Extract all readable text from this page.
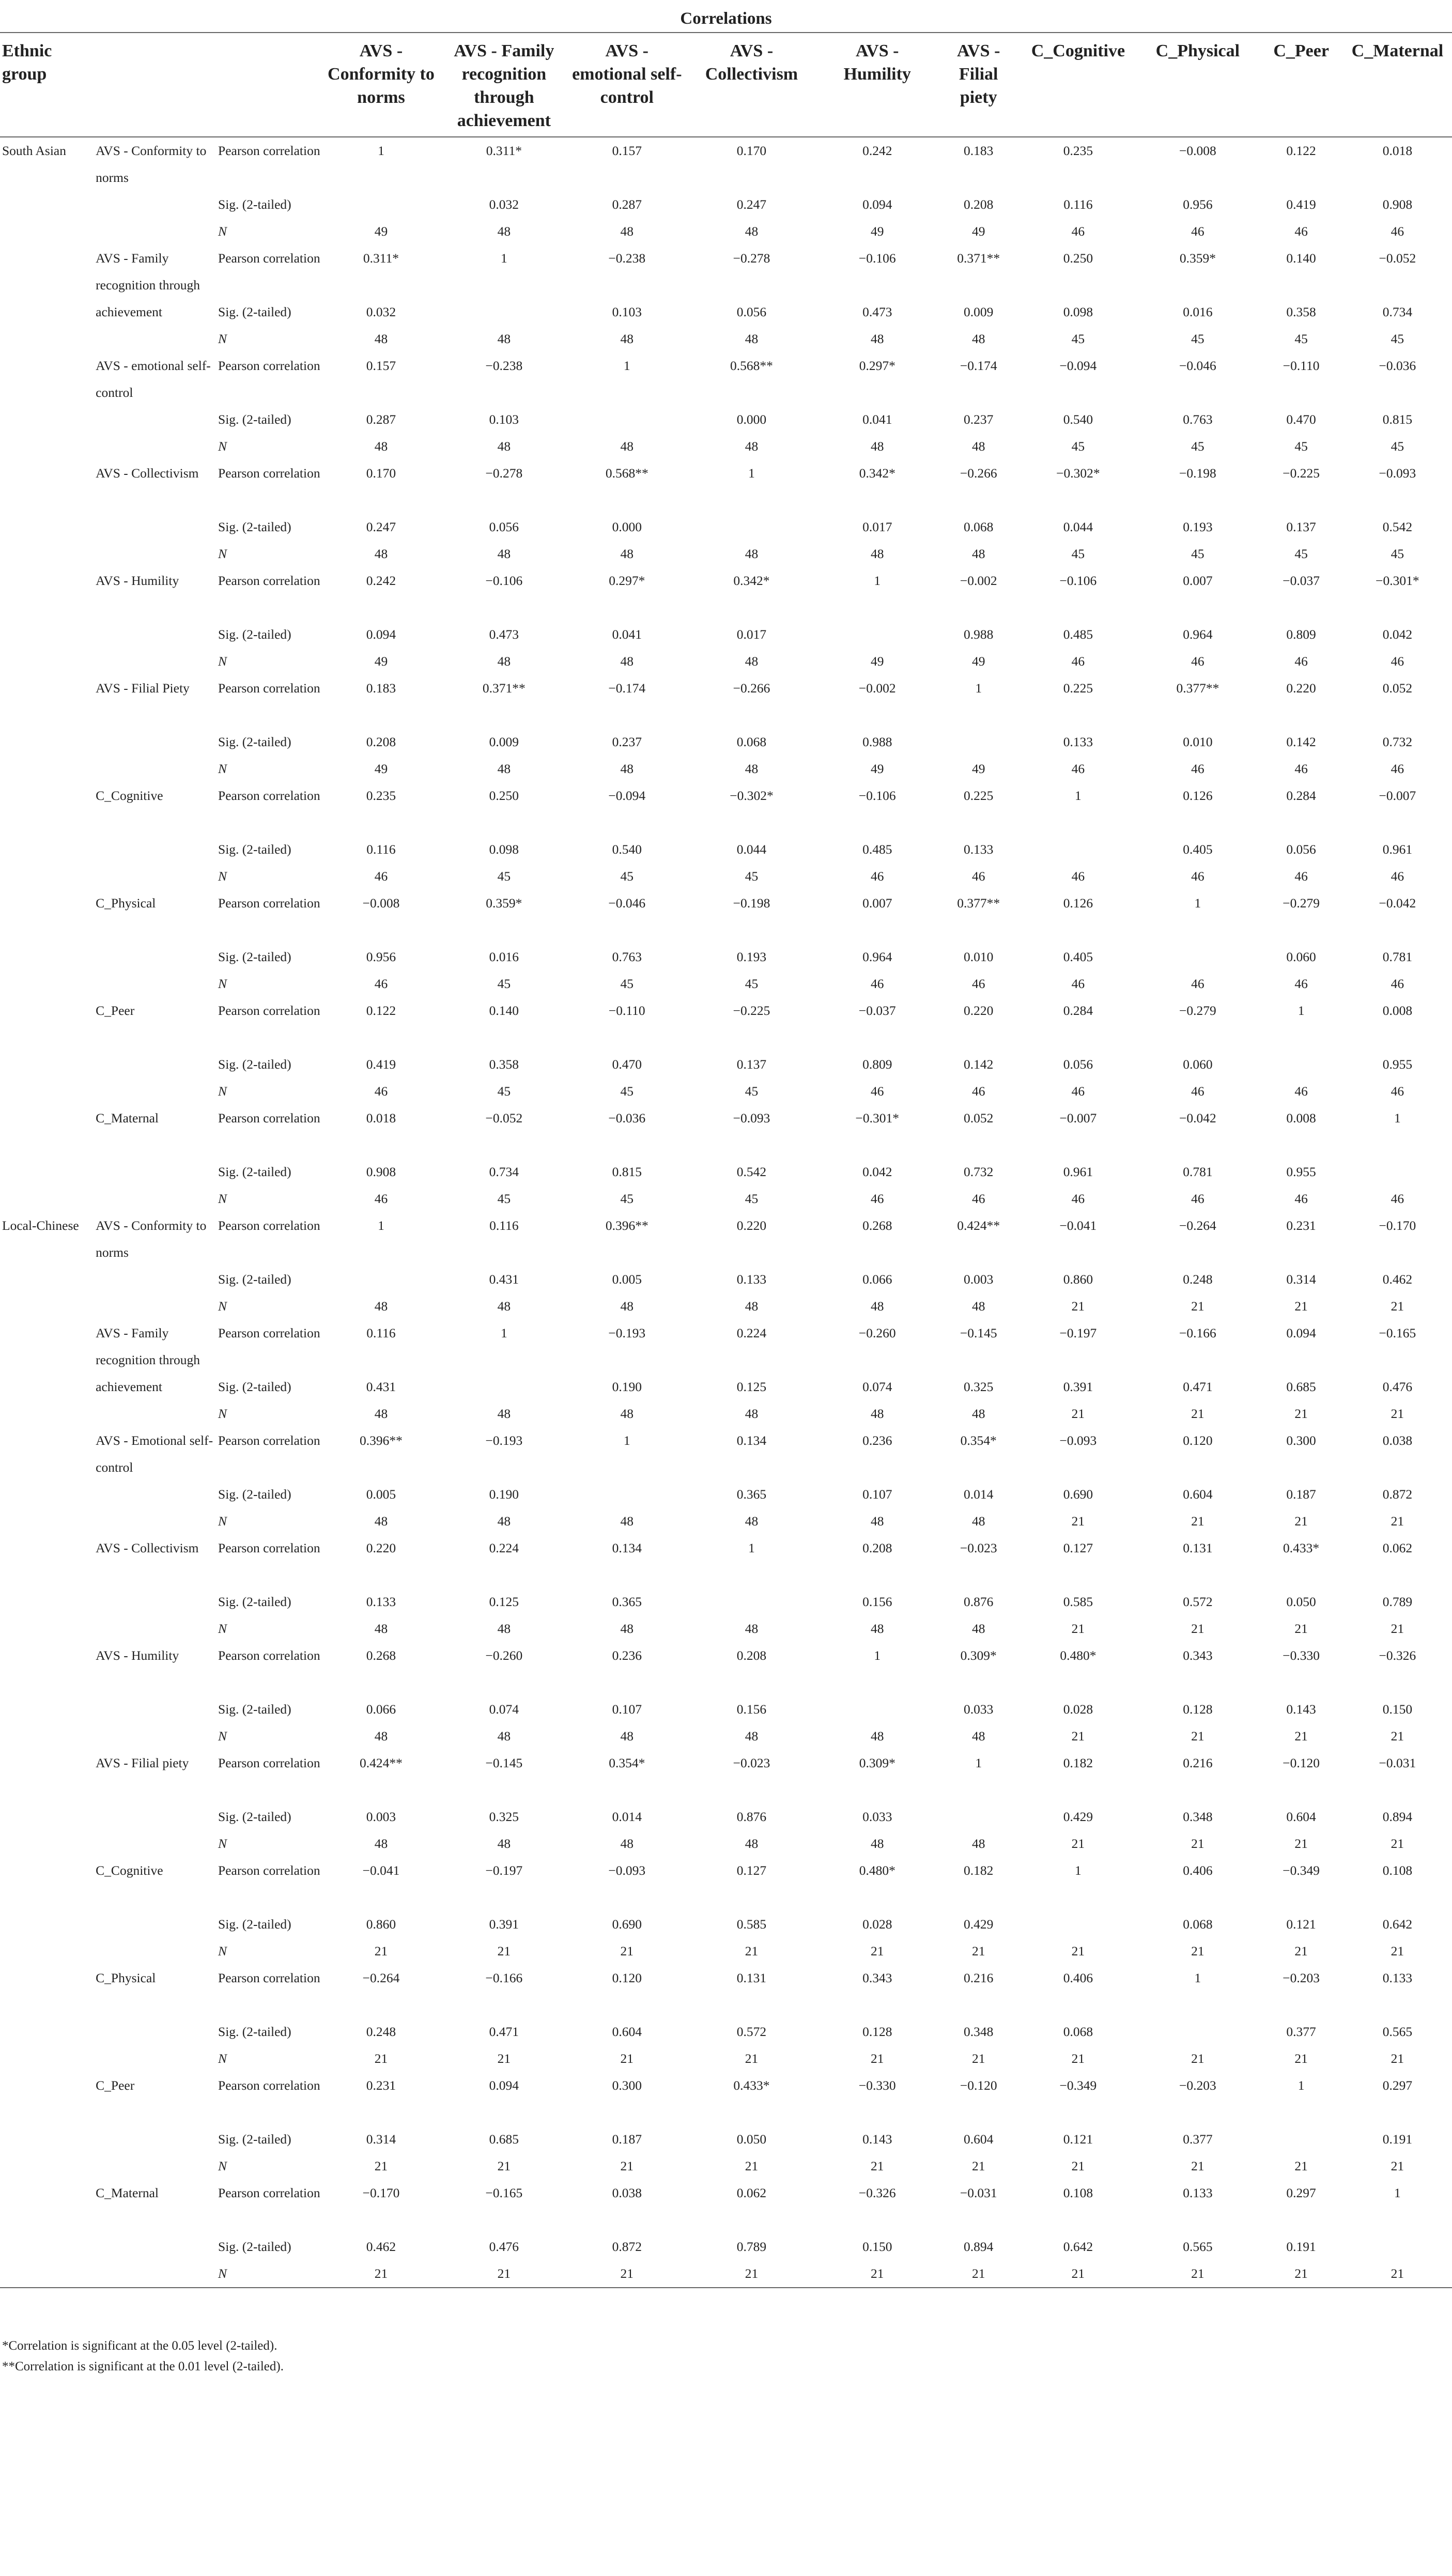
Correlations
Ethnic group			AVS - Conformity to norms	AVS - Family recognition through achievement	AVS - emotional self-control	AVS - Collectivism	AVS - Humility	AVS - Filial piety	C_Cognitive	C_Physical	C_Peer	C_Maternal
South Asian	AVS - Conformity to norms	Pearson correlation	1	0.311*	0.157	0.170	0.242	0.183	0.235	−0.008	0.122	0.018
		Sig. (2-tailed)		0.032	0.287	0.247	0.094	0.208	0.116	0.956	0.419	0.908
		N	49	48	48	48	49	49	46	46	46	46
	AVS - Family recognition through achievement	Pearson correlation	0.311*	1	−0.238	−0.278	−0.106	0.371**	0.250	0.359*	0.140	−0.052
		Sig. (2-tailed)	0.032		0.103	0.056	0.473	0.009	0.098	0.016	0.358	0.734
		N	48	48	48	48	48	48	45	45	45	45
	AVS - emotional self-control	Pearson correlation	0.157	−0.238	1	0.568**	0.297*	−0.174	−0.094	−0.046	−0.110	−0.036
		Sig. (2-tailed)	0.287	0.103		0.000	0.041	0.237	0.540	0.763	0.470	0.815
		N	48	48	48	48	48	48	45	45	45	45
	AVS - Collectivism	Pearson correlation	0.170	−0.278	0.568**	1	0.342*	−0.266	−0.302*	−0.198	−0.225	−0.093
		Sig. (2-tailed)	0.247	0.056	0.000		0.017	0.068	0.044	0.193	0.137	0.542
		N	48	48	48	48	48	48	45	45	45	45
	AVS - Humility	Pearson correlation	0.242	−0.106	0.297*	0.342*	1	−0.002	−0.106	0.007	−0.037	−0.301*
		Sig. (2-tailed)	0.094	0.473	0.041	0.017		0.988	0.485	0.964	0.809	0.042
		N	49	48	48	48	49	49	46	46	46	46
	AVS - Filial Piety	Pearson correlation	0.183	0.371**	−0.174	−0.266	−0.002	1	0.225	0.377**	0.220	0.052
		Sig. (2-tailed)	0.208	0.009	0.237	0.068	0.988		0.133	0.010	0.142	0.732
		N	49	48	48	48	49	49	46	46	46	46
	C_Cognitive	Pearson correlation	0.235	0.250	−0.094	−0.302*	−0.106	0.225	1	0.126	0.284	−0.007
		Sig. (2-tailed)	0.116	0.098	0.540	0.044	0.485	0.133		0.405	0.056	0.961
		N	46	45	45	45	46	46	46	46	46	46
	C_Physical	Pearson correlation	−0.008	0.359*	−0.046	−0.198	0.007	0.377**	0.126	1	−0.279	−0.042
		Sig. (2-tailed)	0.956	0.016	0.763	0.193	0.964	0.010	0.405		0.060	0.781
		N	46	45	45	45	46	46	46	46	46	46
	C_Peer	Pearson correlation	0.122	0.140	−0.110	−0.225	−0.037	0.220	0.284	−0.279	1	0.008
		Sig. (2-tailed)	0.419	0.358	0.470	0.137	0.809	0.142	0.056	0.060		0.955
		N	46	45	45	45	46	46	46	46	46	46
	C_Maternal	Pearson correlation	0.018	−0.052	−0.036	−0.093	−0.301*	0.052	−0.007	−0.042	0.008	1
		Sig. (2-tailed)	0.908	0.734	0.815	0.542	0.042	0.732	0.961	0.781	0.955	
		N	46	45	45	45	46	46	46	46	46	46
Local-Chinese	AVS - Conformity to norms	Pearson correlation	1	0.116	0.396**	0.220	0.268	0.424**	−0.041	−0.264	0.231	−0.170
		Sig. (2-tailed)		0.431	0.005	0.133	0.066	0.003	0.860	0.248	0.314	0.462
		N	48	48	48	48	48	48	21	21	21	21
	AVS - Family recognition through achievement	Pearson correlation	0.116	1	−0.193	0.224	−0.260	−0.145	−0.197	−0.166	0.094	−0.165
		Sig. (2-tailed)	0.431		0.190	0.125	0.074	0.325	0.391	0.471	0.685	0.476
		N	48	48	48	48	48	48	21	21	21	21
	AVS - Emotional self-control	Pearson correlation	0.396**	−0.193	1	0.134	0.236	0.354*	−0.093	0.120	0.300	0.038
		Sig. (2-tailed)	0.005	0.190		0.365	0.107	0.014	0.690	0.604	0.187	0.872
		N	48	48	48	48	48	48	21	21	21	21
	AVS - Collectivism	Pearson correlation	0.220	0.224	0.134	1	0.208	−0.023	0.127	0.131	0.433*	0.062
		Sig. (2-tailed)	0.133	0.125	0.365		0.156	0.876	0.585	0.572	0.050	0.789
		N	48	48	48	48	48	48	21	21	21	21
	AVS - Humility	Pearson correlation	0.268	−0.260	0.236	0.208	1	0.309*	0.480*	0.343	−0.330	−0.326
		Sig. (2-tailed)	0.066	0.074	0.107	0.156		0.033	0.028	0.128	0.143	0.150
		N	48	48	48	48	48	48	21	21	21	21
	AVS - Filial piety	Pearson correlation	0.424**	−0.145	0.354*	−0.023	0.309*	1	0.182	0.216	−0.120	−0.031
		Sig. (2-tailed)	0.003	0.325	0.014	0.876	0.033		0.429	0.348	0.604	0.894
		N	48	48	48	48	48	48	21	21	21	21
	C_Cognitive	Pearson correlation	−0.041	−0.197	−0.093	0.127	0.480*	0.182	1	0.406	−0.349	0.108
		Sig. (2-tailed)	0.860	0.391	0.690	0.585	0.028	0.429		0.068	0.121	0.642
		N	21	21	21	21	21	21	21	21	21	21
	C_Physical	Pearson correlation	−0.264	−0.166	0.120	0.131	0.343	0.216	0.406	1	−0.203	0.133
		Sig. (2-tailed)	0.248	0.471	0.604	0.572	0.128	0.348	0.068		0.377	0.565
		N	21	21	21	21	21	21	21	21	21	21
	C_Peer	Pearson correlation	0.231	0.094	0.300	0.433*	−0.330	−0.120	−0.349	−0.203	1	0.297
		Sig. (2-tailed)	0.314	0.685	0.187	0.050	0.143	0.604	0.121	0.377		0.191
		N	21	21	21	21	21	21	21	21	21	21
	C_Maternal	Pearson correlation	−0.170	−0.165	0.038	0.062	−0.326	−0.031	0.108	0.133	0.297	1
		Sig. (2-tailed)	0.462	0.476	0.872	0.789	0.150	0.894	0.642	0.565	0.191	
		N	21	21	21	21	21	21	21	21	21	21
*Correlation is significant at the 0.05 level (2-tailed).
**Correlation is significant at the 0.01 level (2-tailed).
